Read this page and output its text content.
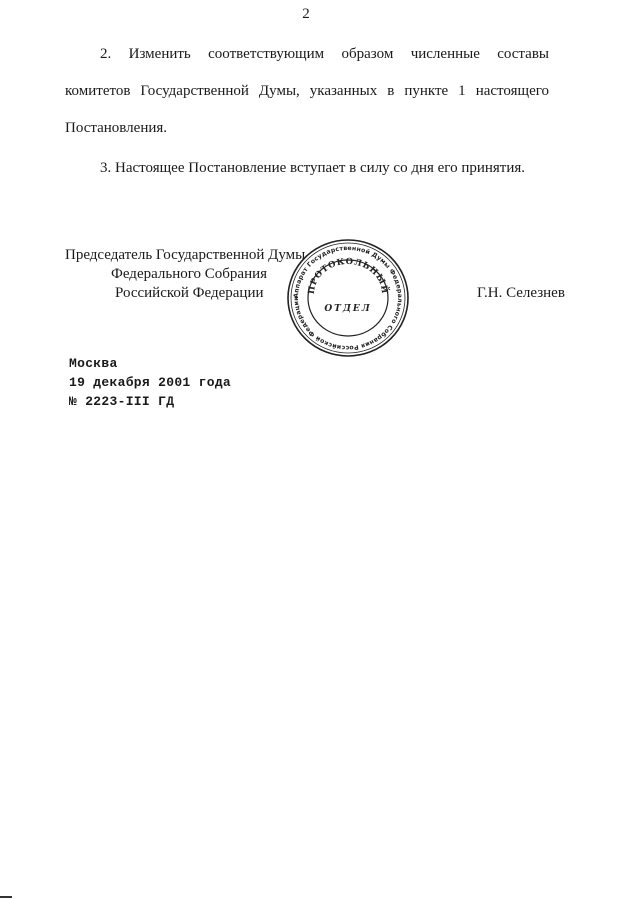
2

2. Изменить соответствующим образом численные составы комитетов Государственной Думы, указанных в пункте 1 настоящего Постановления.

3. Настоящее Постановление вступает в силу со дня его принятия.

Председатель Государственной Думы
Федерального Собрания
Российской Федерации	Г.Н. Селезнев
Аппарат Государственной Думы Федерального Собрания Российской Федерации
ПРОТОКОЛЬНЫЙ
ОТДЕЛ
Москва
19 декабря 2001 года
№ 2223-III ГД
